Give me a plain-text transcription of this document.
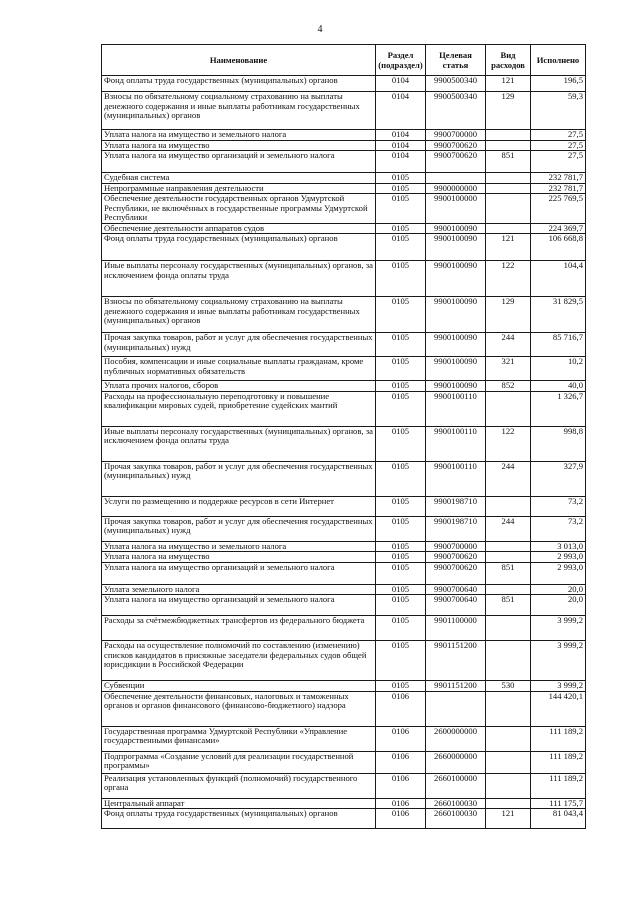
4
Наименование	Раздел (подраздел)	Целевая статья	Вид расходов	Исполнено
Фонд оплаты труда государственных (муниципальных) органов	0104	9900500340	121	196,5
Взносы по обязательному социальному страхованию на выплаты денежного содержания и иные выплаты работникам государственных (муниципальных) органов	0104	9900500340	129	59,3
Уплата налога на имущество и земельного налога	0104	9900700000		27,5
Уплата налога на имущество	0104	9900700620		27,5
Уплата налога на имущество организаций и земельного налога	0104	9900700620	851	27,5
Судебная система	0105			232 781,7
Непрограммные направления деятельности	0105	9900000000		232 781,7
Обеспечение деятельности государственных органов Удмуртской Республики, не включённых в государственные программы Удмуртской Республики	0105	9900100000		225 769,5
Обеспечение деятельности аппаратов судов	0105	9900100090		224 369,7
Фонд оплаты труда государственных (муниципальных) органов	0105	9900100090	121	106 668,8
Иные выплаты персоналу государственных (муниципальных) органов, за исключением фонда оплаты труда	0105	9900100090	122	104,4
Взносы по обязательному социальному страхованию на выплаты денежного содержания и иные выплаты работникам государственных (муниципальных) органов	0105	9900100090	129	31 829,5
Прочая закупка товаров, работ и услуг для обеспечения государственных (муниципальных) нужд	0105	9900100090	244	85 716,7
Пособия, компенсации и иные социальные выплаты гражданам, кроме публичных нормативных обязательств	0105	9900100090	321	10,2
Уплата прочих налогов, сборов	0105	9900100090	852	40,0
Расходы на профессиональную переподготовку и повышение квалификации мировых судей, приобретение судейских мантий	0105	9900100110		1 326,7
Иные выплаты персоналу государственных (муниципальных) органов, за исключением фонда оплаты труда	0105	9900100110	122	998,8
Прочая закупка товаров, работ и услуг для обеспечения государственных (муниципальных) нужд	0105	9900100110	244	327,9
Услуги по размещению и поддержке ресурсов в сети Интернет	0105	9900198710		73,2
Прочая закупка товаров, работ и услуг для обеспечения государственных (муниципальных) нужд	0105	9900198710	244	73,2
Уплата налога на имущество и земельного налога	0105	9900700000		3 013,0
Уплата налога на имущество	0105	9900700620		2 993,0
Уплата налога на имущество организаций и земельного налога	0105	9900700620	851	2 993,0
Уплата земельного налога	0105	9900700640		20,0
Уплата налога на имущество организаций и земельного налога	0105	9900700640	851	20,0
Расходы за счётмежбюджетных трансфертов из федерального бюджета	0105	9901100000		3 999,2
Расходы на осуществление полномочий по составлению (изменению) списков кандидатов в присяжные заседатели федеральных судов общей юрисдикции в Российской Федерации	0105	9901151200		3 999,2
Субвенции	0105	9901151200	530	3 999,2
Обеспечение деятельности финансовых, налоговых и таможенных органов и органов финансового (финансово-бюджетного) надзора	0106			144 420,1
Государственная программа Удмуртской Республики «Управление государственными финансами»	0106	2600000000		111 189,2
Подпрограмма «Создание условий для реализации государственной программы»	0106	2660000000		111 189,2
Реализация установленных функций (полномочий) государственного органа	0106	2660100000		111 189,2
Центральный аппарат	0106	2660100030		111 175,7
Фонд оплаты труда государственных (муниципальных) органов	0106	2660100030	121	81 043,4
